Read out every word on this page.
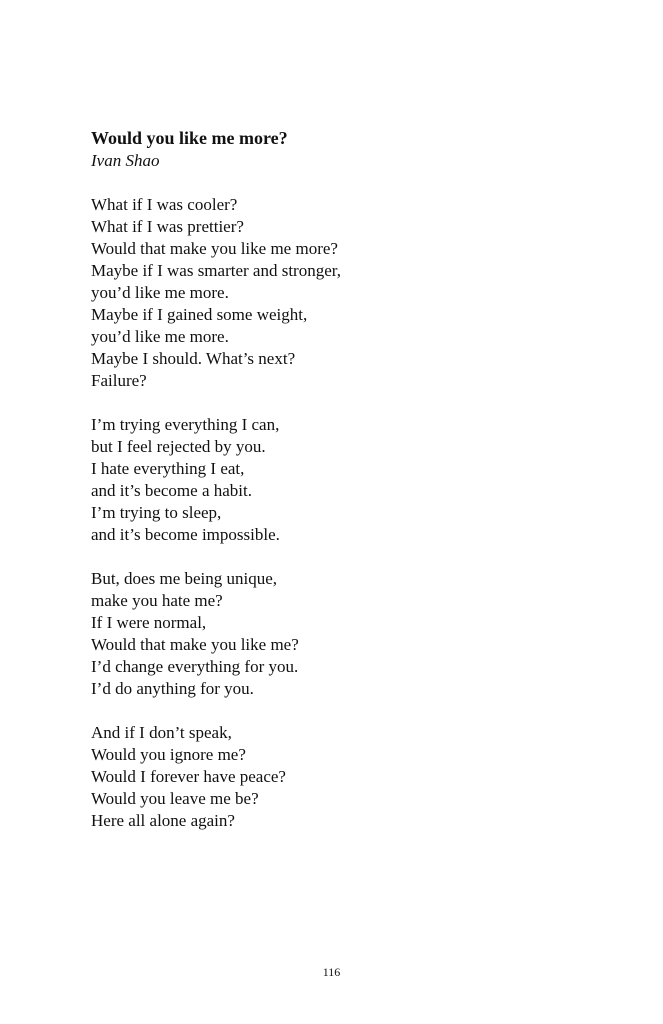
Would you like me more?

Ivan Shao

What if I was cooler?
What if I was prettier?
Would that make you like me more?
Maybe if I was smarter and stronger,
you’d like me more.
Maybe if I gained some weight,
you’d like me more.
Maybe I should. What’s next?
Failure?
I’m trying everything I can,
but I feel rejected by you.
I hate everything I eat,
and it’s become a habit.
I’m trying to sleep,
and it’s become impossible.
But, does me being unique,
make you hate me?
If I were normal,
Would that make you like me?
I’d change everything for you.
I’d do anything for you.
And if I don’t speak,
Would you ignore me?
Would I forever have peace?
Would you leave me be?
Here all alone again?
116
